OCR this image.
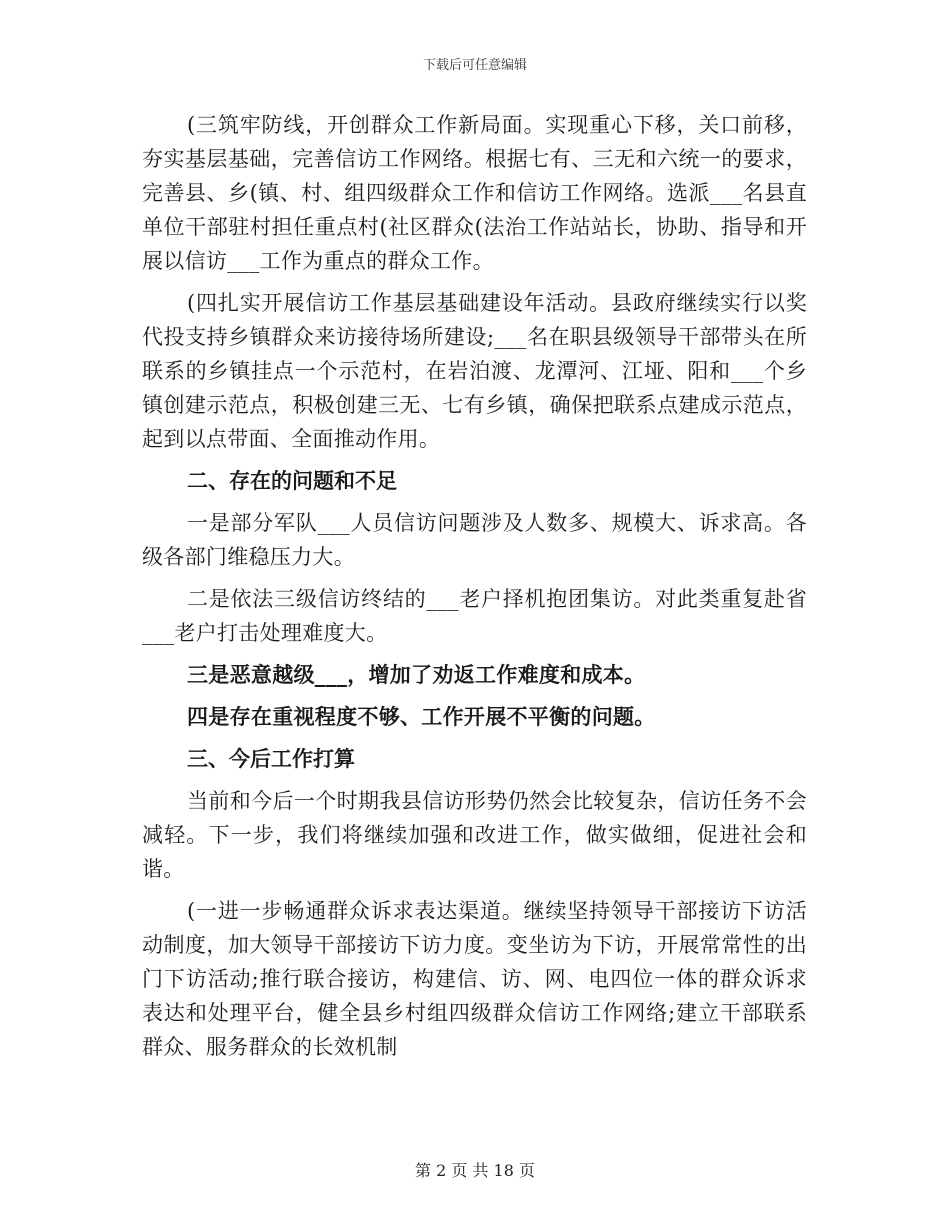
下载后可任意编辑

(三筑牢防线，开创群众工作新局面。实现重心下移，关口前移，夯实基层基础，完善信访工作网络。根据七有、三无和六统一的要求，完善县、乡(镇、村、组四级群众工作和信访工作网络。选派___名县直单位干部驻村担任重点村(社区群众(法治工作站站长，协助、指导和开展以信访___工作为重点的群众工作。

(四扎实开展信访工作基层基础建设年活动。县政府继续实行以奖代投支持乡镇群众来访接待场所建设;___名在职县级领导干部带头在所联系的乡镇挂点一个示范村，在岩泊渡、龙潭河、江垭、阳和___个乡镇创建示范点，积极创建三无、七有乡镇，确保把联系点建成示范点，起到以点带面、全面推动作用。

二、存在的问题和不足

一是部分军队___人员信访问题涉及人数多、规模大、诉求高。各级各部门维稳压力大。

二是依法三级信访终结的___老户择机抱团集访。对此类重复赴省___老户打击处理难度大。

三是恶意越级___，增加了劝返工作难度和成本。

四是存在重视程度不够、工作开展不平衡的问题。

三、今后工作打算

当前和今后一个时期我县信访形势仍然会比较复杂，信访任务不会减轻。下一步，我们将继续加强和改进工作，做实做细，促进社会和谐。

(一进一步畅通群众诉求表达渠道。继续坚持领导干部接访下访活动制度，加大领导干部接访下访力度。变坐访为下访，开展常常性的出门下访活动;推行联合接访，构建信、访、网、电四位一体的群众诉求表达和处理平台，健全县乡村组四级群众信访工作网络;建立干部联系群众、服务群众的长效机制

第 2 页 共 18 页
